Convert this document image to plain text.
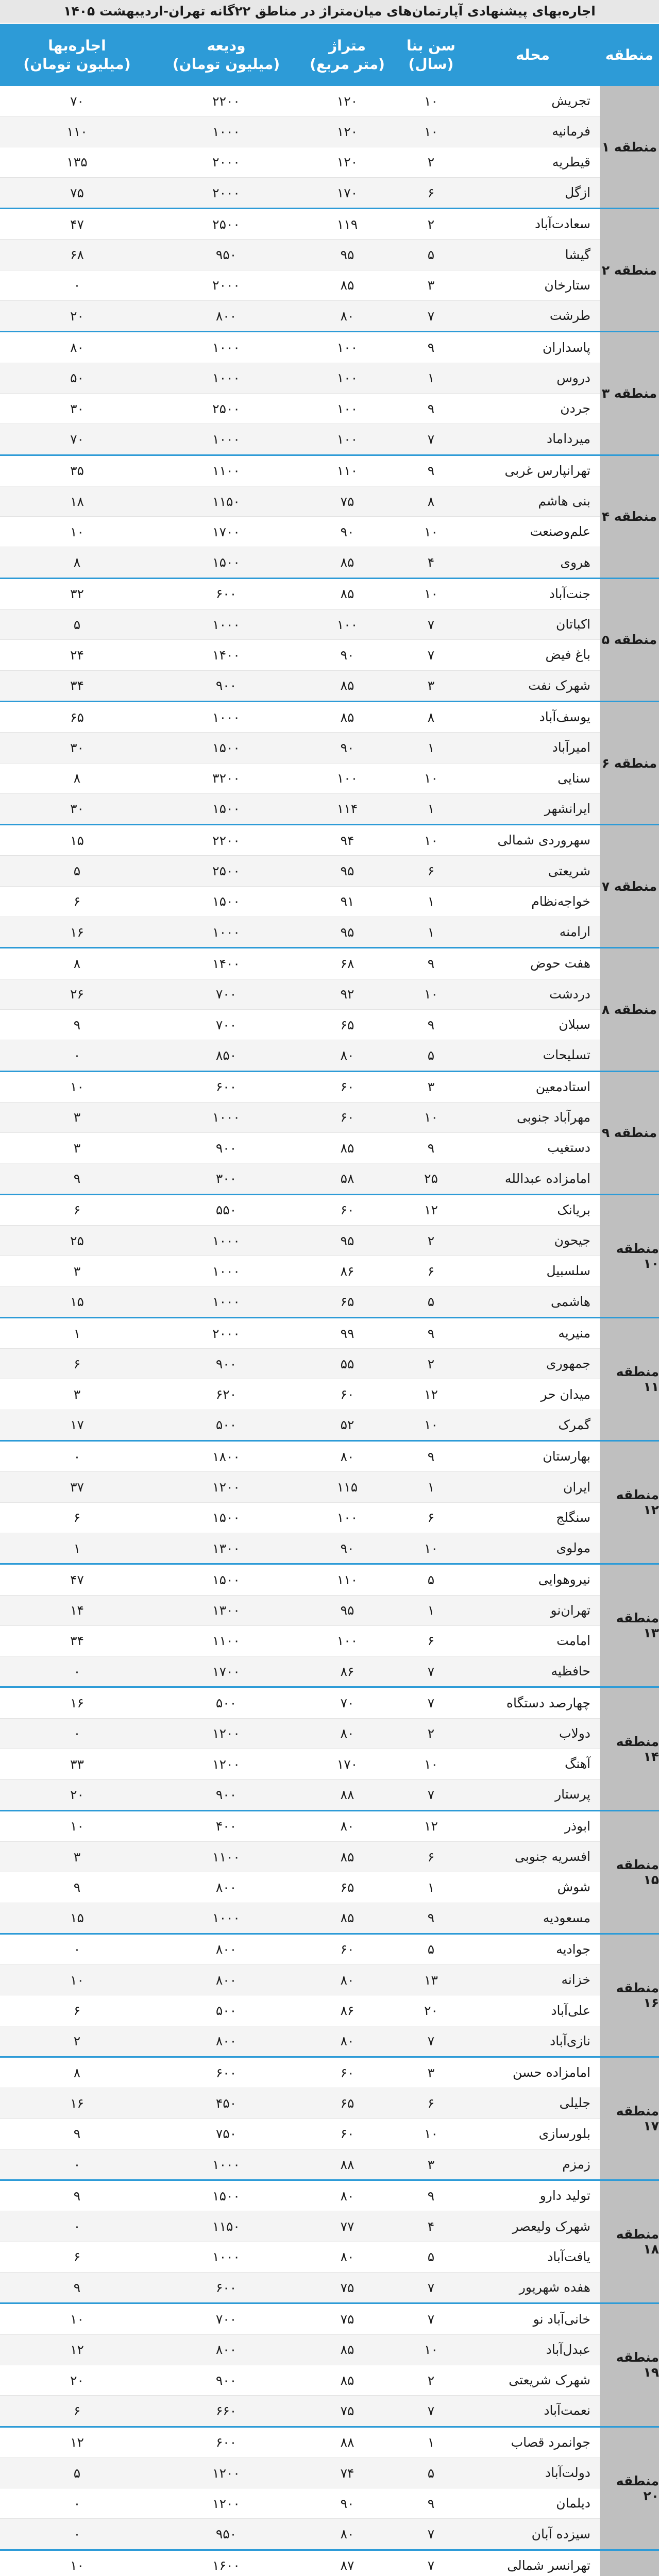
اجاره‌بهای پیشنهادی آپارتمان‌های میان‌متراژ در مناطق ۲۲گانه تهران-اردیبهشت ۱۴۰۵
منطقه
محله
سن بنا
(سال)
متراژ
(متر مربع)
ودیعه
(میلیون تومان)
اجاره‌بها
(میلیون تومان)
منطقه ۱
تجریش
۱۰
۱۲۰
۲۲۰۰
۷۰
فرمانیه
۱۰
۱۲۰
۱۰۰۰
۱۱۰
قیطریه
۲
۱۲۰
۲۰۰۰
۱۳۵
ازگل
۶
۱۷۰
۲۰۰۰
۷۵
منطقه ۲
سعادت‌آباد
۲
۱۱۹
۲۵۰۰
۴۷
گیشا
۵
۹۵
۹۵۰
۶۸
ستارخان
۳
۸۵
۲۰۰۰
۰
طرشت
۷
۸۰
۸۰۰
۲۰
منطقه ۳
پاسداران
۹
۱۰۰
۱۰۰۰
۸۰
دروس
۱
۱۰۰
۱۰۰۰
۵۰
جردن
۹
۱۰۰
۲۵۰۰
۳۰
میرداماد
۷
۱۰۰
۱۰۰۰
۷۰
منطقه ۴
تهرانپارس غربی
۹
۱۱۰
۱۱۰۰
۳۵
بنی هاشم
۸
۷۵
۱۱۵۰
۱۸
علم‌وصنعت
۱۰
۹۰
۱۷۰۰
۱۰
هروی
۴
۸۵
۱۵۰۰
۸
منطقه ۵
جنت‌آباد
۱۰
۸۵
۶۰۰
۳۲
اکباتان
۷
۱۰۰
۱۰۰۰
۵
باغ فیض
۷
۹۰
۱۴۰۰
۲۴
شهرک نفت
۳
۸۵
۹۰۰
۳۴
منطقه ۶
یوسف‌آباد
۸
۸۵
۱۰۰۰
۶۵
امیرآباد
۱
۹۰
۱۵۰۰
۳۰
سنایی
۱۰
۱۰۰
۳۲۰۰
۸
ایرانشهر
۱
۱۱۴
۱۵۰۰
۳۰
منطقه ۷
سهروردی شمالی
۱۰
۹۴
۲۲۰۰
۱۵
شریعتی
۶
۹۵
۲۵۰۰
۵
خواجه‌نظام
۱
۹۱
۱۵۰۰
۶
ارامنه
۱
۹۵
۱۰۰۰
۱۶
منطقه ۸
هفت حوض
۹
۶۸
۱۴۰۰
۸
دردشت
۱۰
۹۲
۷۰۰
۲۶
سبلان
۹
۶۵
۷۰۰
۹
تسلیحات
۵
۸۰
۸۵۰
۰
منطقه ۹
استادمعین
۳
۶۰
۶۰۰
۱۰
مهرآباد جنوبی
۱۰
۶۰
۱۰۰۰
۳
دستغیب
۹
۸۵
۹۰۰
۳
امامزاده عبدالله
۲۵
۵۸
۳۰۰
۹
منطقه ۱۰
بریانک
۱۲
۶۰
۵۵۰
۶
جیحون
۲
۹۵
۱۰۰۰
۲۵
سلسبیل
۶
۸۶
۱۰۰۰
۳
هاشمی
۵
۶۵
۱۰۰۰
۱۵
منطقه ۱۱
منیریه
۹
۹۹
۲۰۰۰
۱
جمهوری
۲
۵۵
۹۰۰
۶
میدان حر
۱۲
۶۰
۶۲۰
۳
گمرک
۱۰
۵۲
۵۰۰
۱۷
منطقه ۱۲
بهارستان
۹
۸۰
۱۸۰۰
۰
ایران
۱
۱۱۵
۱۲۰۰
۳۷
سنگلج
۶
۱۰۰
۱۵۰۰
۶
مولوی
۱۰
۹۰
۱۳۰۰
۱
منطقه ۱۳
نیروهوایی
۵
۱۱۰
۱۵۰۰
۴۷
تهران‌نو
۱
۹۵
۱۳۰۰
۱۴
امامت
۶
۱۰۰
۱۱۰۰
۳۴
حافظیه
۷
۸۶
۱۷۰۰
۰
منطقه ۱۴
چهارصد دستگاه
۷
۷۰
۵۰۰
۱۶
دولاب
۲
۸۰
۱۲۰۰
۰
آهنگ
۱۰
۱۷۰
۱۲۰۰
۳۳
پرستار
۷
۸۸
۹۰۰
۲۰
منطقه ۱۵
ابوذر
۱۲
۸۰
۴۰۰
۱۰
افسریه جنوبی
۶
۸۵
۱۱۰۰
۳
شوش
۱
۶۵
۸۰۰
۹
مسعودیه
۹
۸۵
۱۰۰۰
۱۵
منطقه ۱۶
جوادیه
۵
۶۰
۸۰۰
۰
خزانه
۱۳
۸۰
۸۰۰
۱۰
علی‌آباد
۲۰
۸۶
۵۰۰
۶
نازی‌آباد
۷
۸۰
۸۰۰
۲
منطقه ۱۷
امامزاده حسن
۳
۶۰
۶۰۰
۸
جلیلی
۶
۶۵
۴۵۰
۱۶
بلورسازی
۱۰
۶۰
۷۵۰
۹
زمزم
۳
۸۸
۱۰۰۰
۰
منطقه ۱۸
تولید دارو
۹
۸۰
۱۵۰۰
۹
شهرک ولیعصر
۴
۷۷
۱۱۵۰
۰
یافت‌آباد
۵
۸۰
۱۰۰۰
۶
هفده شهریور
۷
۷۵
۶۰۰
۹
منطقه ۱۹
خانی‌آباد نو
۷
۷۵
۷۰۰
۱۰
عبدل‌آباد
۱۰
۸۵
۸۰۰
۱۲
شهرک شریعتی
۲
۸۵
۹۰۰
۲۰
نعمت‌آباد
۷
۷۵
۶۶۰
۶
منطقه ۲۰
جوانمرد قصاب
۱
۸۸
۶۰۰
۱۲
دولت‌آباد
۵
۷۴
۱۲۰۰
۵
دیلمان
۹
۹۰
۱۲۰۰
۰
سیزده آبان
۷
۸۰
۹۵۰
۰
تهرانسر شمالی
۷
۸۷
۱۶۰۰
۱۰
